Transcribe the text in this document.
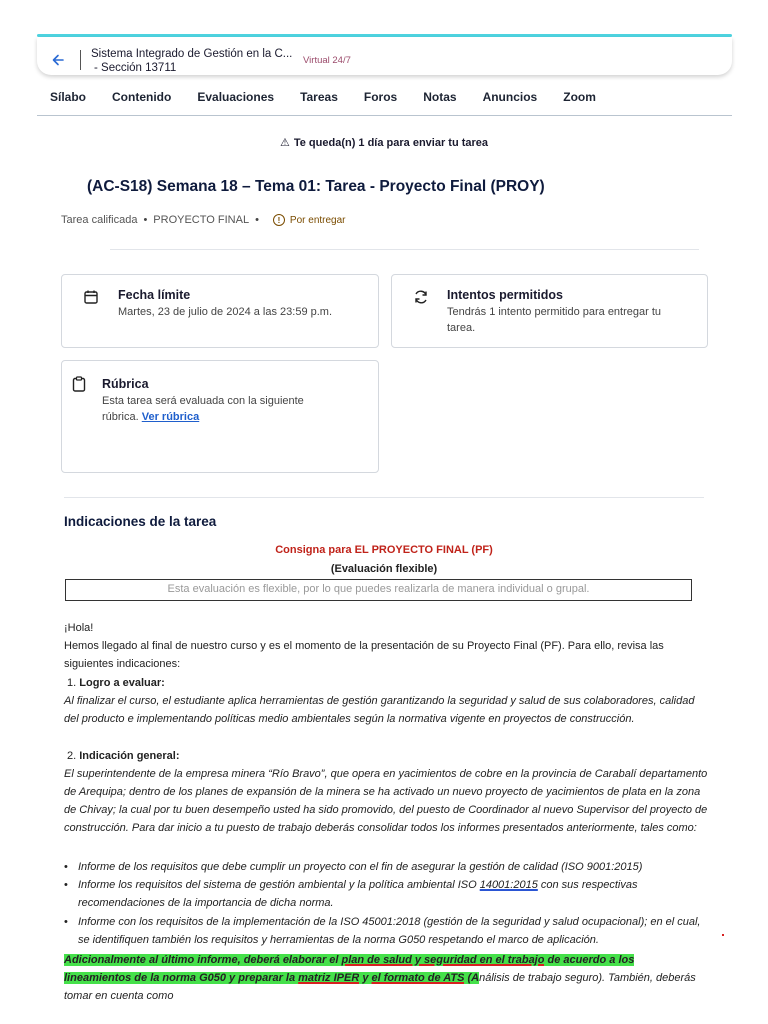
Sistema Integrado de Gestión en la C...
- Sección 13711
Virtual 24/7
Sílabo Contenido Evaluaciones Tareas Foros Notas Anuncios Zoom
⚠ Te queda(n) 1 día para enviar tu tarea
(AC-S18) Semana 18 – Tema 01: Tarea - Proyecto Final (PROY)
Tarea calificada • PROYECTO FINAL •	! Por entregar
Fecha límite
Martes, 23 de julio de 2024 a las 23:59 p.m.
Intentos permitidos
Tendrás 1 intento permitido para entregar tu tarea.
Rúbrica
Esta tarea será evaluada con la siguiente rúbrica. Ver rúbrica
Indicaciones de la tarea
Consigna para EL PROYECTO FINAL (PF)
(Evaluación flexible)
Esta evaluación es flexible, por lo que puedes realizarla de manera individual o grupal.
¡Hola!
Hemos llegado al final de nuestro curso y es el momento de la presentación de su Proyecto Final (PF). Para ello, revisa las siguientes indicaciones:
1. Logro a evaluar:
Al finalizar el curso, el estudiante aplica herramientas de gestión garantizando la seguridad y salud de sus colaboradores, calidad del producto e implementando políticas medio ambientales según la normativa vigente en proyectos de construcción.
2. Indicación general:
El superintendente de la empresa minera “Río Bravo”, que opera en yacimientos de cobre en la provincia de Carabalí departamento de Arequipa; dentro de los planes de expansión de la minera se ha activado un nuevo proyecto de yacimientos de plata en la zona de Chivay; la cual por tu buen desempeño usted ha sido promovido, del puesto de Coordinador al nuevo Supervisor del proyecto de construcción. Para dar inicio a tu puesto de trabajo deberás consolidar todos los informes presentados anteriormente, tales como:
• Informe de los requisitos que debe cumplir un proyecto con el fin de asegurar la gestión de calidad (ISO 9001:2015)
• Informe los requisitos del sistema de gestión ambiental y la política ambiental ISO 14001:2015 con sus respectivas recomendaciones de la importancia de dicha norma.
• Informe con los requisitos de la implementación de la ISO 45001:2018 (gestión de la seguridad y salud ocupacional); en el cual, se identifiquen también los requisitos y herramientas de la norma G050 respetando el marco de aplicación.
Adicionalmente al último informe, deberá elaborar el plan de salud y seguridad en el trabajo de acuerdo a los lineamientos de la norma G050 y preparar la matriz IPER y el formato de ATS (Análisis de trabajo seguro). También, deberás tomar en cuenta como
